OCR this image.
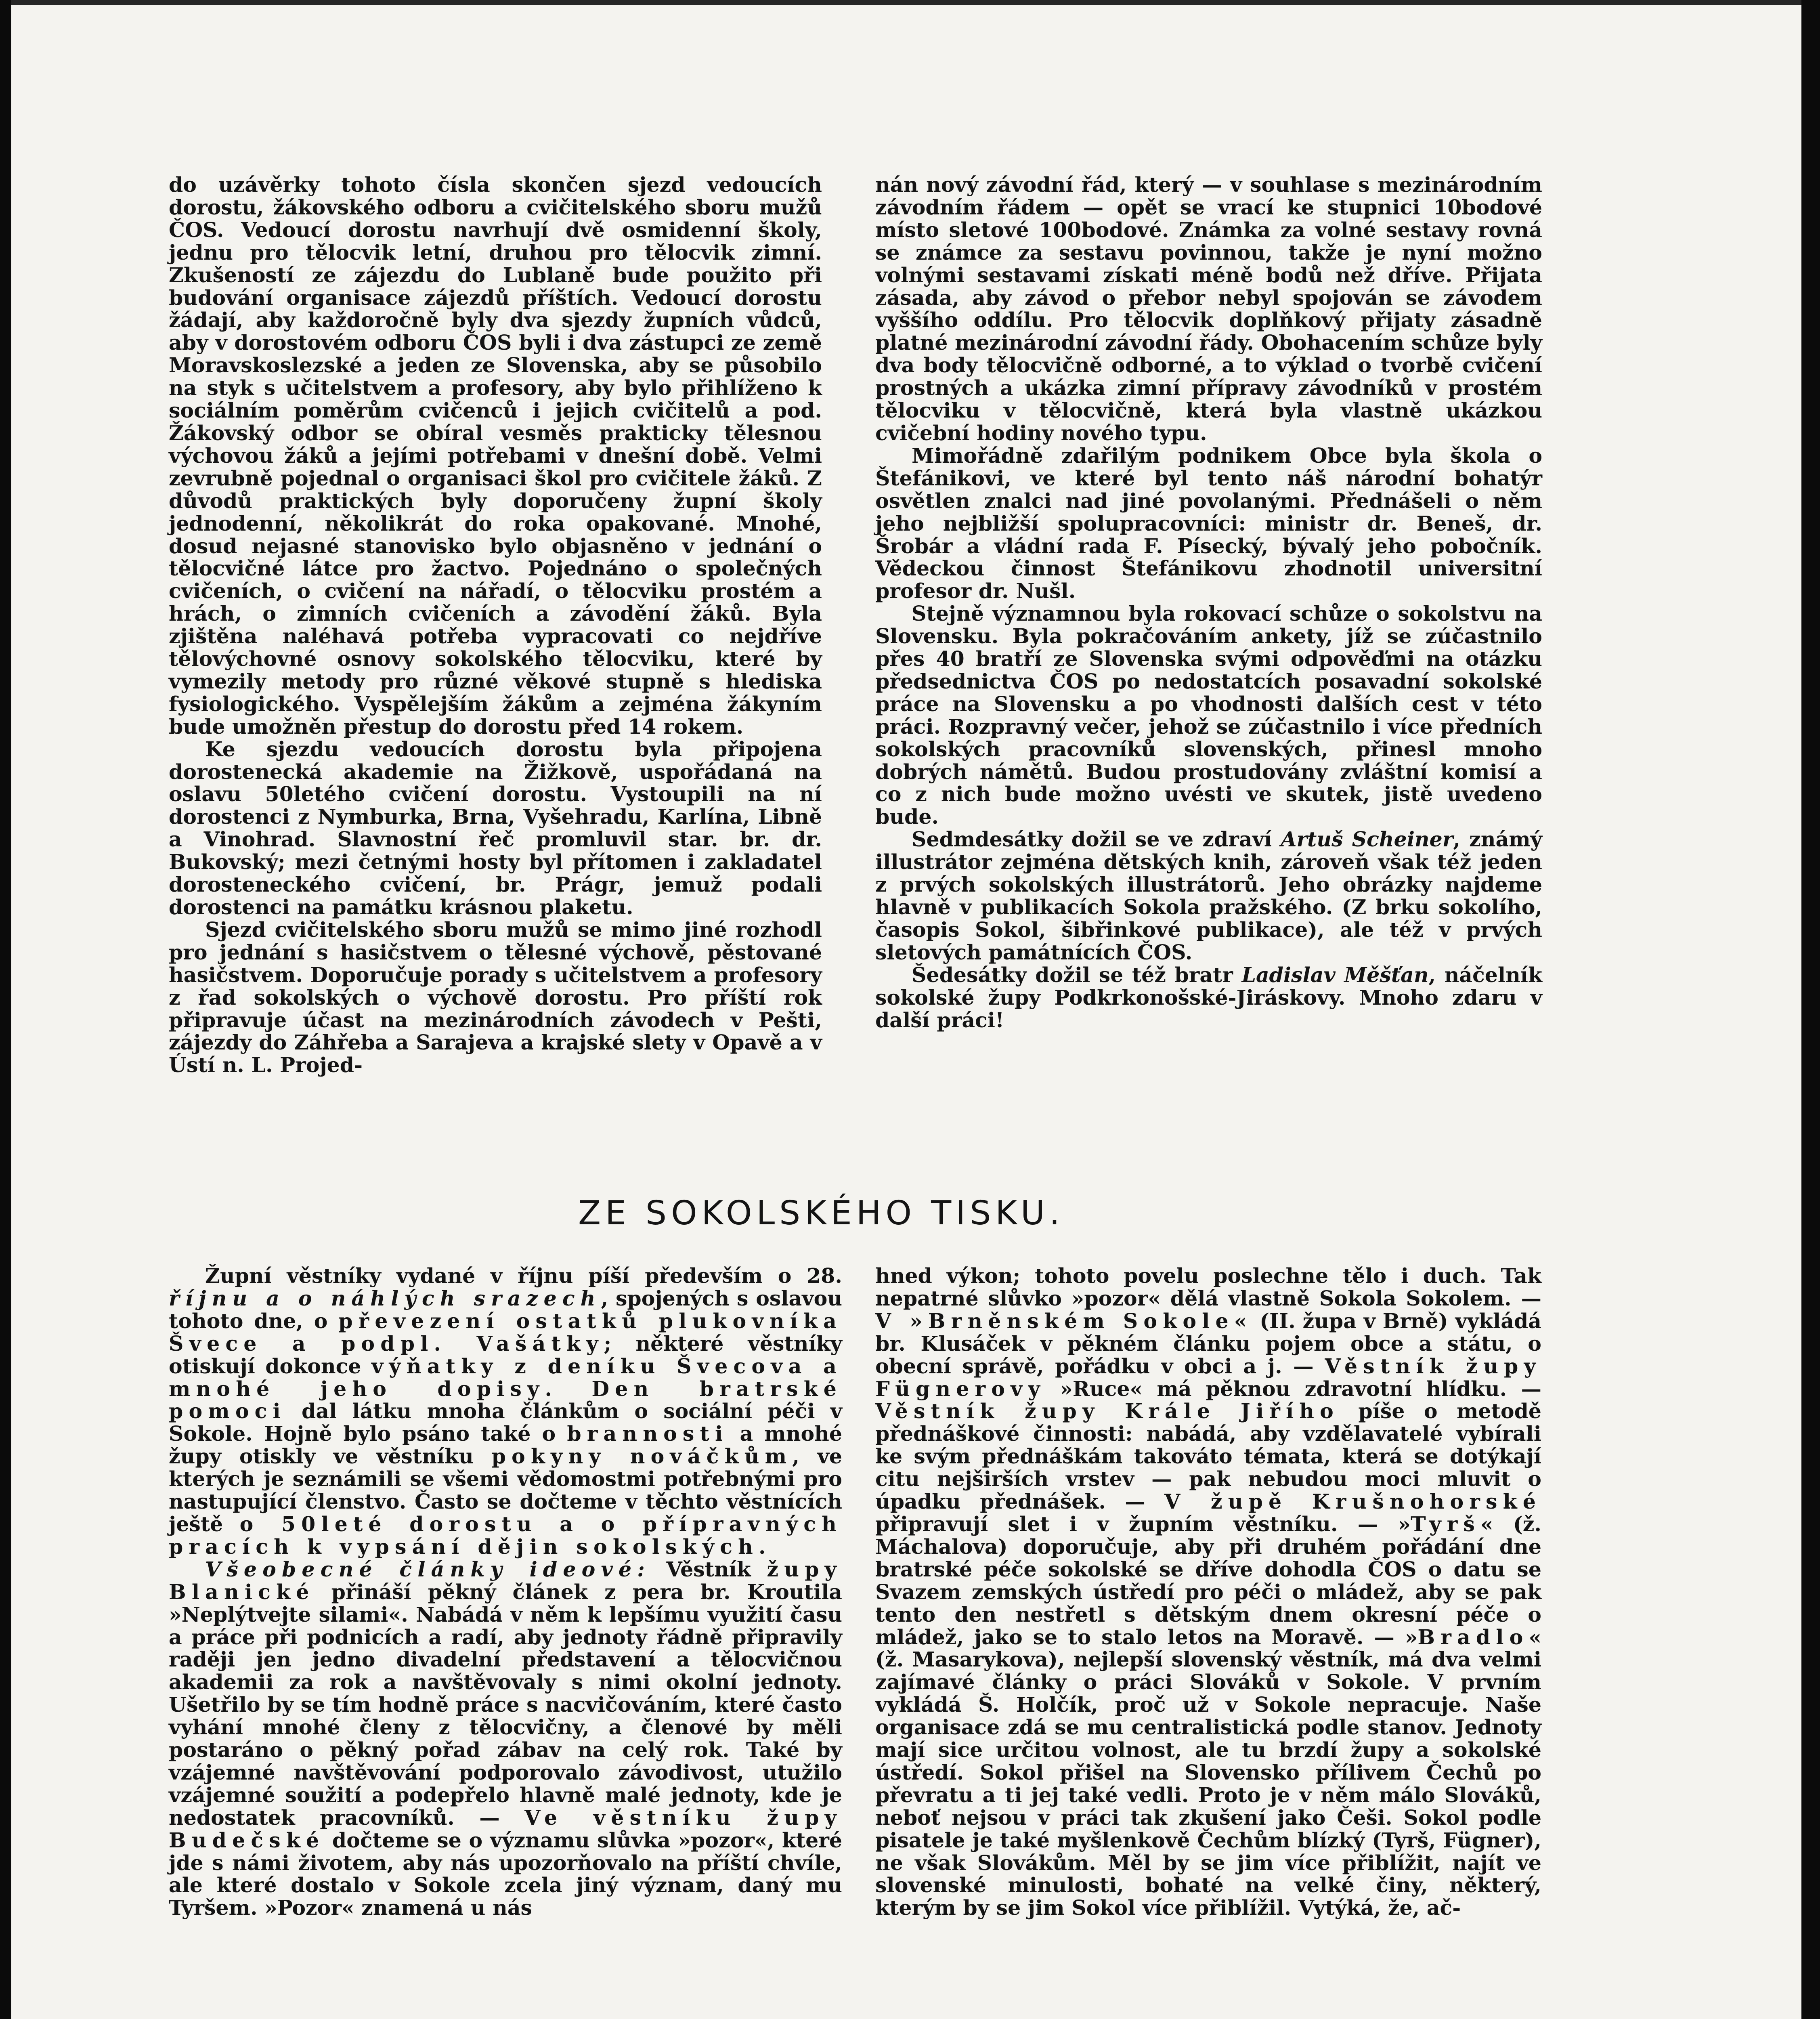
do uzávěrky tohoto čísla skončen sjezd vedoucích dorostu, žákovského odboru a cvičitelského sboru mužů ČOS. Vedoucí dorostu navrhují dvě osmidenní školy, jednu pro tělocvik letní, druhou pro tělocvik zimní. Zkušeností ze zájezdu do Lublaně bude použito při budování organisace zájezdů příštích. Vedoucí dorostu žádají, aby každoročně byly dva sjezdy župních vůdců, aby v dorostovém odboru ČOS byli i dva zástupci ze země Moravskoslezské a jeden ze Slovenska, aby se působilo na styk s učitelstvem a profesory, aby bylo přihlíženo k sociálním poměrům cvičenců i jejich cvičitelů a pod. Žákovský odbor se obíral vesměs prakticky tělesnou výchovou žáků a jejími potřebami v dnešní době. Velmi zevrubně pojednal o organisaci škol pro cvičitele žáků. Z důvodů praktických byly doporučeny župní školy jednodenní, několikrát do roka opakované. Mnohé, dosud nejasné stanovisko bylo objasněno v jednání o tělocvičné látce pro žactvo. Pojednáno o společných cvičeních, o cvičení na nářadí, o tělocviku prostém a hrách, o zimních cvičeních a závodění žáků. Byla zjištěna naléhavá potřeba vypracovati co nejdříve tělovýchovné osnovy sokolského tělocviku, které by vymezily metody pro různé věkové stupně s hlediska fysiologického. Vyspělejším žákům a zejména žákyním bude umožněn přestup do dorostu před 14 rokem.

Ke sjezdu vedoucích dorostu byla připojena dorostenecká akademie na Žižkově, uspořádaná na oslavu 50letého cvičení dorostu. Vystoupili na ní dorostenci z Nymburka, Brna, Vyšehradu, Karlína, Libně a Vinohrad. Slavnostní řeč promluvil star. br. dr. Bukovský; mezi četnými hosty byl přítomen i zakladatel dorosteneckého cvičení, br. Prágr, jemuž podali dorostenci na památku krásnou plaketu.

Sjezd cvičitelského sboru mužů se mimo jiné rozhodl pro jednání s hasičstvem o tělesné výchově, pěstované hasičstvem. Doporučuje porady s učitelstvem a profesory z řad sokolských o výchově dorostu. Pro příští rok připravuje účast na mezinárodních závodech v Pešti, zájezdy do Záhřeba a Sarajeva a krajské slety v Opavě a v Ústí n. L. Projed-

nán nový závodní řád, který — v souhlase s mezinárodním závodním řádem — opět se vrací ke stupnici 10bodové místo sletové 100bodové. Známka za volné sestavy rovná se známce za sestavu povinnou, takže je nyní možno volnými sestavami získati méně bodů než dříve. Přijata zásada, aby závod o přebor nebyl spojován se závodem vyššího oddílu. Pro tělocvik doplňkový přijaty zásadně platné mezinárodní závodní řády. Obohacením schůze byly dva body tělocvičně odborné, a to výklad o tvorbě cvičení prostných a ukázka zimní přípravy závodníků v prostém tělocviku v tělocvičně, která byla vlastně ukázkou cvičební hodiny nového typu.

Mimořádně zdařilým podnikem Obce byla škola o Štefánikovi, ve které byl tento náš národní bohatýr osvětlen znalci nad jiné povolanými. Přednášeli o něm jeho nejbližší spolupracovníci: ministr dr. Beneš, dr. Šrobár a vládní rada F. Písecký, bývalý jeho pobočník. Vědeckou činnost Štefánikovu zhodnotil universitní profesor dr. Nušl.

Stejně významnou byla rokovací schůze o sokolstvu na Slovensku. Byla pokračováním ankety, jíž se zúčastnilo přes 40 bratří ze Slovenska svými odpověďmi na otázku předsednictva ČOS po nedostatcích posavadní sokolské práce na Slovensku a po vhodnosti dalších cest v této práci. Rozpravný večer, jehož se zúčastnilo i více předních sokolských pracovníků slovenských, přinesl mnoho dobrých námětů. Budou prostudovány zvláštní komisí a co z nich bude možno uvésti ve skutek, jistě uvedeno bude.

Sedmdesátky dožil se ve zdraví Artuš Scheiner, známý illustrátor zejména dětských knih, zároveň však též jeden z prvých sokolských illustrátorů. Jeho obrázky najdeme hlavně v publikacích Sokola pražského. (Z brku sokolího, časopis Sokol, šibřinkové publikace), ale též v prvých sletových památnících ČOS.

Šedesátky dožil se též bratr Ladislav Měšťan, náčelník sokolské župy Podkrkonošské-Jiráskovy. Mnoho zdaru v další práci!

ZE SOKOLSKÉHO TISKU.

Župní věstníky vydané v říjnu píší především o 28. říjnu a o náhlých srazech, spojených s oslavou tohoto dne, o převezení ostatků plukovníka Švece a podpl. Vašátky; některé věstníky otiskují dokonce výňatky z deníku Švecova a mnohé jeho dopisy. Den bratrské pomoci dal látku mnoha článkům o sociální péči v Sokole. Hojně bylo psáno také o brannosti a mnohé župy otiskly ve věstníku pokyny nováčkům, ve kterých je seznámili se všemi vědomostmi potřebnými pro nastupující členstvo. Často se dočteme v těchto věstnících ještě o 50leté dorostu a o přípravných pracích k vypsání dějin sokolských.

Všeobecné články ideové: Věstník župy Blanické přináší pěkný článek z pera br. Kroutila »Neplýtvejte silami«. Nabádá v něm k lepšímu využití času a práce při podnicích a radí, aby jednoty řádně připravily raději jen jedno divadelní představení a tělocvičnou akademii za rok a navštěvovaly s nimi okolní jednoty. Ušetřilo by se tím hodně práce s nacvičováním, které často vyhání mnohé členy z tělocvičny, a členové by měli postaráno o pěkný pořad zábav na celý rok. Také by vzájemné navštěvování podporovalo závodivost, utužilo vzájemné soužití a podepřelo hlavně malé jednoty, kde je nedostatek pracovníků. — Ve věstníku župy Budečské dočteme se o významu slůvka »pozor«, které jde s námi životem, aby nás upozorňovalo na příští chvíle, ale které dostalo v Sokole zcela jiný význam, daný mu Tyršem. »Pozor« znamená u nás

hned výkon; tohoto povelu poslechne tělo i duch. Tak nepatrné slůvko »pozor« dělá vlastně Sokola Sokolem. — V »Brněnském Sokole« (II. župa v Brně) vykládá br. Klusáček v pěkném článku pojem obce a státu, o obecní správě, pořádku v obci a j. — Věstník župy Fügnerovy »Ruce« má pěknou zdravotní hlídku. — Věstník župy Krále Jiřího píše o metodě přednáškové činnosti: nabádá, aby vzdělavatelé vybírali ke svým přednáškám takováto témata, která se dotýkají citu nejširších vrstev — pak nebudou moci mluvit o úpadku přednášek. — V župě Krušnohorské připravují slet i v župním věstníku. — »Tyrš« (ž. Máchalova) doporučuje, aby při druhém pořádání dne bratrské péče sokolské se dříve dohodla ČOS o datu se Svazem zemských ústředí pro péči o mládež, aby se pak tento den nestřetl s dětským dnem okresní péče o mládež, jako se to stalo letos na Moravě. — »Bradlo« (ž. Masarykova), nejlepší slovenský věstník, má dva velmi zajímavé články o práci Slováků v Sokole. V prvním vykládá Š. Holčík, proč už v Sokole nepracuje. Naše organisace zdá se mu centralistická podle stanov. Jednoty mají sice určitou volnost, ale tu brzdí župy a sokolské ústředí. Sokol přišel na Slovensko přílivem Čechů po převratu a ti jej také vedli. Proto je v něm málo Slováků, neboť nejsou v práci tak zkušení jako Češi. Sokol podle pisatele je také myšlenkově Čechům blízký (Tyrš, Fügner), ne však Slovákům. Měl by se jim více přiblížit, najít ve slovenské minulosti, bohaté na velké činy, některý, kterým by se jim Sokol více přiblížil. Vytýká, že, ač-
